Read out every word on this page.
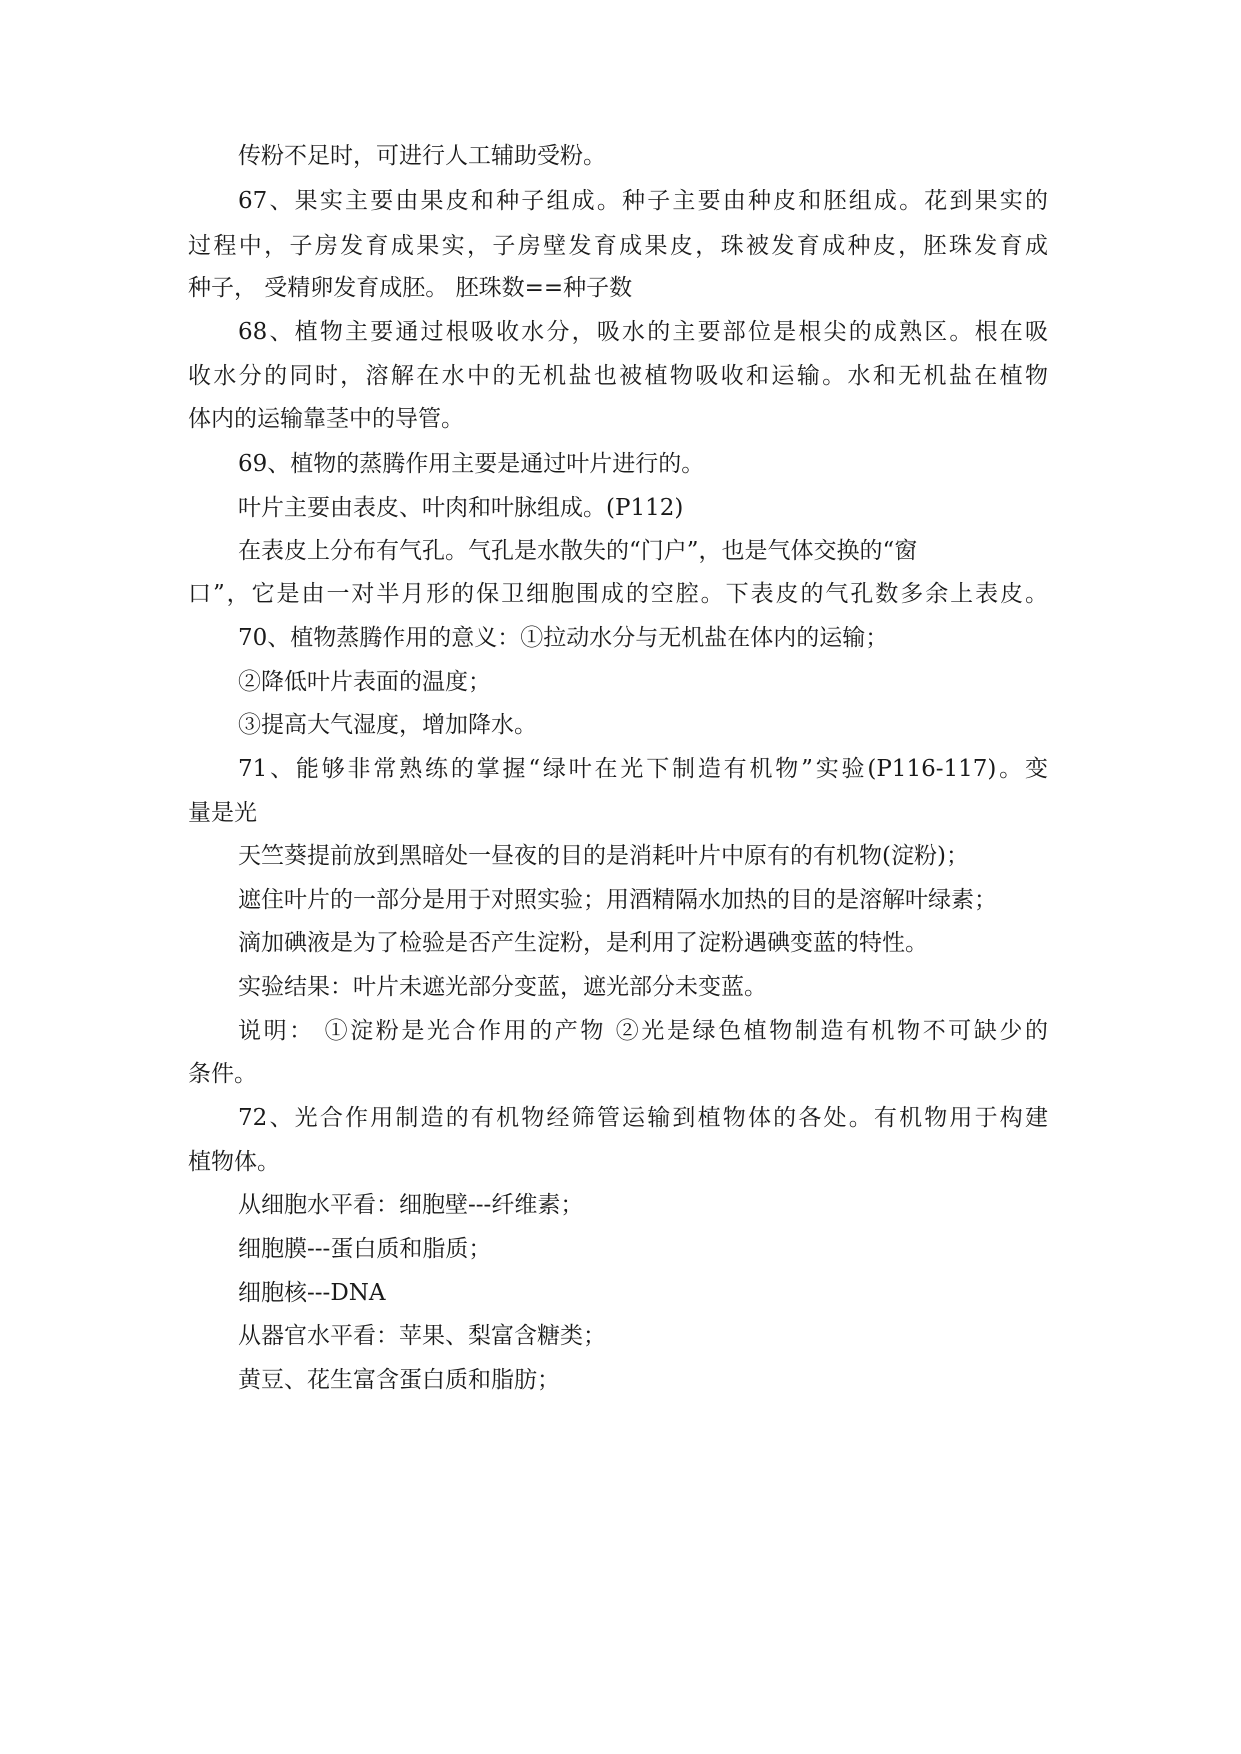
传粉不足时，可进行人工辅助受粉。
67、果实主要由果皮和种子组成。种子主要由种皮和胚组成。花到果实的
过程中，子房发育成果实，子房壁发育成果皮，珠被发育成种皮，胚珠发育成
种子， 受精卵发育成胚。 胚珠数==种子数
68、植物主要通过根吸收水分，吸水的主要部位是根尖的成熟区。根在吸
收水分的同时，溶解在水中的无机盐也被植物吸收和运输。水和无机盐在植物
体内的运输靠茎中的导管。
69、植物的蒸腾作用主要是通过叶片进行的。
叶片主要由表皮、叶肉和叶脉组成。(P112)
在表皮上分布有气孔。气孔是水散失的“门户”，也是气体交换的“窗
口”，它是由一对半月形的保卫细胞围成的空腔。下表皮的气孔数多余上表皮。
70、植物蒸腾作用的意义：①拉动水分与无机盐在体内的运输；
②降低叶片表面的温度；
③提高大气湿度，增加降水。
71、能够非常熟练的掌握“绿叶在光下制造有机物”实验(P116-117)。变
量是光
天竺葵提前放到黑暗处一昼夜的目的是消耗叶片中原有的有机物(淀粉)；
遮住叶片的一部分是用于对照实验；用酒精隔水加热的目的是溶解叶绿素；
滴加碘液是为了检验是否产生淀粉，是利用了淀粉遇碘变蓝的特性。
实验结果：叶片未遮光部分变蓝，遮光部分未变蓝。
说明： ①淀粉是光合作用的产物 ②光是绿色植物制造有机物不可缺少的
条件。
72、光合作用制造的有机物经筛管运输到植物体的各处。有机物用于构建
植物体。
从细胞水平看：细胞壁---纤维素；
细胞膜---蛋白质和脂质；
细胞核---DNA
从器官水平看：苹果、梨富含糖类；
黄豆、花生富含蛋白质和脂肪；
